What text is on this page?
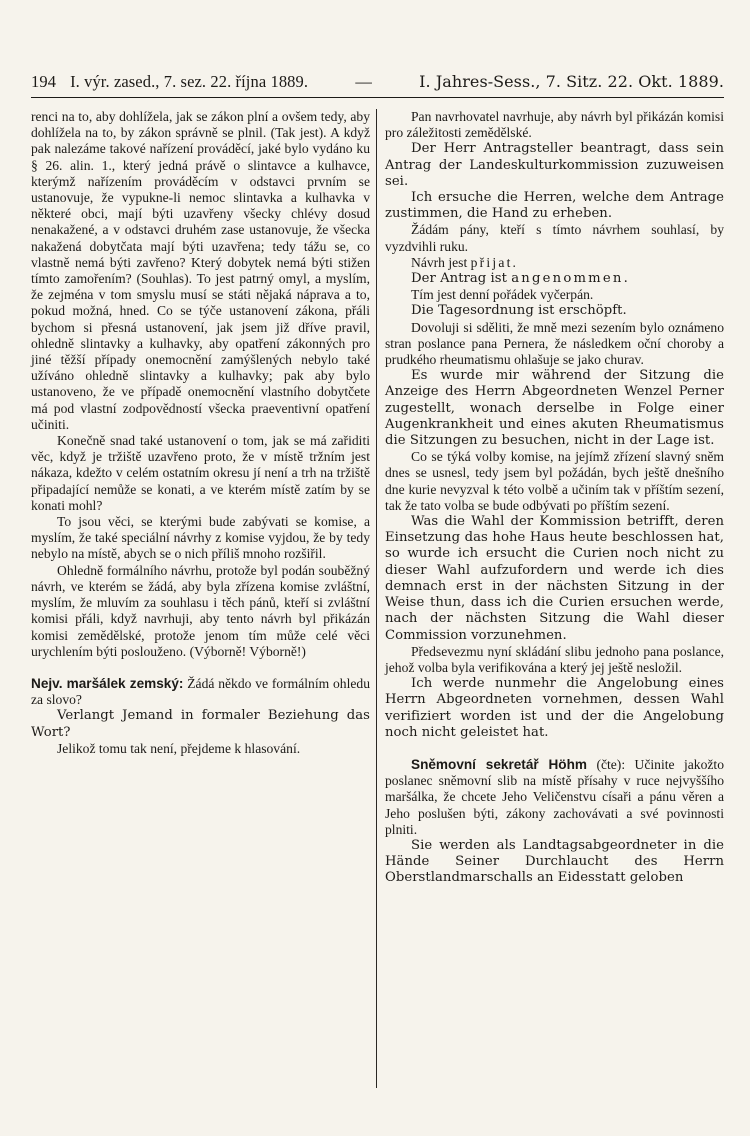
194 I. výr. zased., 7. sez. 22. října 1889.	—	I. Jahres-Sess., 7. Sitz. 22. Okt. 1889.

renci na to, aby dohlížela, jak se zákon plní a ovšem tedy, aby dohlížela na to, by zákon správně se plnil. (Tak jest). A když pak nalezáme takové nařízení prováděcí, jaké bylo vydáno ku § 26. alin. 1., který jedná právě o slintavce a kulhavce, kterýmž nařízením prováděcím v odstavci prvním se ustanovuje, že vypukne-li nemoc slintavka a kulhavka v některé obci, mají býti uzavřeny všecky chlévy dosud nenakažené, a v odstavci druhém zase ustanovuje, že všecka nakažená dobytčata mají býti uzavřena; tedy tážu se, co vlastně nemá býti zavřeno? Který dobytek nemá býti stižen tímto zamořením? (Souhlas). To jest patrný omyl, a myslím, že zejména v tom smyslu musí se státi nějaká náprava a to, pokud možná, hned. Co se týče ustanovení zákona, přáli bychom si přesná ustanovení, jak jsem již dříve pravil, ohledně slintavky a kulhavky, aby opatření zákonných pro jiné těžší případy onemocnění zamýšlených nebylo také užíváno ohledně slintavky a kulhavky; pak aby bylo ustanoveno, že ve případě onemocnění vlastního dobytčete má pod vlastní zodpovědností všecka praeventivní opatření učiniti.

Konečně snad také ustanovení o tom, jak se má zařiditi věc, když je tržiště uzavřeno proto, že v místě tržním jest nákaza, kdežto v celém ostatním okresu jí není a trh na tržiště připadající nemůže se konati, a ve kterém místě zatím by se konati mohl?

To jsou věci, se kterými bude zabývati se komise, a myslím, že také speciální návrhy z komise vyjdou, že by tedy nebylo na místě, abych se o nich příliš mnoho rozšiřil.

Ohledně formálního návrhu, protože byl podán souběžný návrh, ve kterém se žádá, aby byla zřízena komise zvláštní, myslím, že mluvím za souhlasu i těch pánů, kteří si zvláštní komisi přáli, když navrhuji, aby tento návrh byl přikázán komisi zemědělské, protože jenom tím může celé věci urychlením býti poslouženo. (Výborně! Výborně!)

Nejv. maršálek zemský: Žádá někdo ve formálním ohledu za slovo?

Verlangt Jemand in formaler Beziehung das Wort?

Jelikož tomu tak není, přejdeme k hlasování.

Pan navrhovatel navrhuje, aby návrh byl přikázán komisi pro záležitosti zemědělské.

Der Herr Antragsteller beantragt, dass sein Antrag der Landeskulturkommission zuzuweisen sei.

Ich ersuche die Herren, welche dem Antrage zustimmen, die Hand zu erheben.

Žádám pány, kteří s tímto návrhem souhlasí, by vyzdvihli ruku.

Návrh jest přijat.

Der Antrag ist angenommen.

Tím jest denní pořádek vyčerpán.

Die Tagesordnung ist erschöpft.

Dovoluji si sděliti, že mně mezi sezením bylo oznámeno stran poslance pana Pernera, že následkem oční choroby a prudkého rheumatismu ohlašuje se jako churav.

Es wurde mir während der Sitzung die Anzeige des Herrn Abgeordneten Wenzel Perner zugestellt, wonach derselbe in Folge einer Augenkrankheit und eines akuten Rheumatismus die Sitzungen zu besuchen, nicht in der Lage ist.

Co se týká volby komise, na jejímž zřízení slavný sněm dnes se usnesl, tedy jsem byl požádán, bych ještě dnešního dne kurie nevyzval k této volbě a učiním tak v příštím sezení, tak že tato volba se bude odbývati po příštím sezení.

Was die Wahl der Kommission betrifft, deren Einsetzung das hohe Haus heute beschlossen hat, so wurde ich ersucht die Curien noch nicht zu dieser Wahl aufzufordern und werde ich dies demnach erst in der nächsten Sitzung in der Weise thun, dass ich die Curien ersuchen werde, nach der nächsten Sitzung die Wahl dieser Commission vorzunehmen.

Předsevezmu nyní skládání slibu jednoho pana poslance, jehož volba byla verifikována a který jej ještě nesložil.

Ich werde nunmehr die Angelobung eines Herrn Abgeordneten vornehmen, dessen Wahl verifiziert worden ist und der die Angelobung noch nicht geleistet hat.

Sněmovní sekretář Höhm (čte): Učinite jakožto poslanec sněmovní slib na místě přísahy v ruce nejvyššího maršálka, že chcete Jeho Veličenstvu císaři a pánu věren a Jeho poslušen býti, zákony zachovávati a své povinnosti plniti.

Sie werden als Landtagsabgeordneter in die Hände Seiner Durchlaucht des Herrn Oberstlandmarschalls an Eidesstatt geloben
